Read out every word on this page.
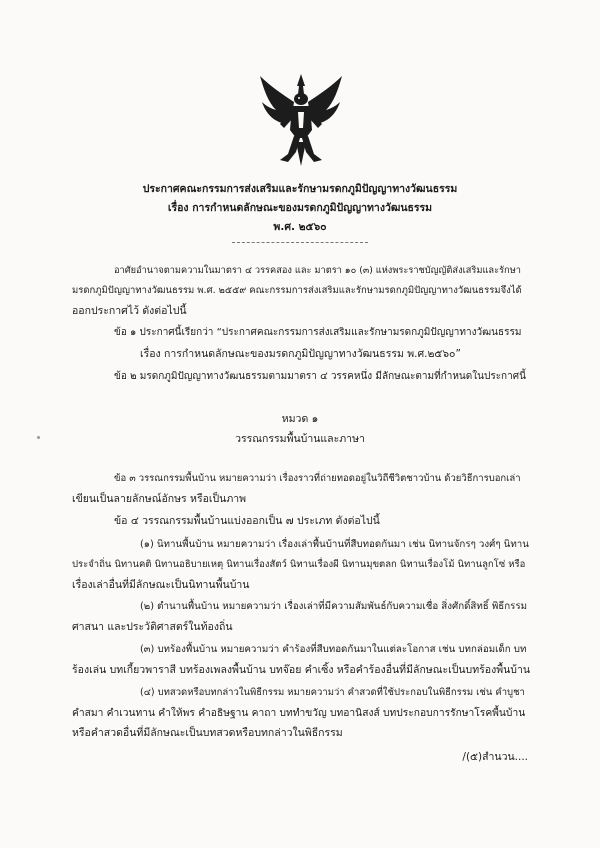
ประกาศคณะกรรมการส่งเสริมและรักษามรดกภูมิปัญญาทางวัฒนธรรม
เรื่อง การกำหนดลักษณะของมรดกภูมิปัญญาทางวัฒนธรรม
พ.ศ. ๒๕๖๐
อาศัยอำนาจตามความในมาตรา ๔ วรรคสอง และ มาตรา ๑๐ (๓) แห่งพระราชบัญญัติส่งเสริมและรักษา
มรดกภูมิปัญญาทางวัฒนธรรม พ.ศ. ๒๕๕๙ คณะกรรมการส่งเสริมและรักษามรดกภูมิปัญญาทางวัฒนธรรมจึงได้
ออกประกาศไว้ ดังต่อไปนี้
ข้อ ๑ ประกาศนี้เรียกว่า “ประกาศคณะกรรมการส่งเสริมและรักษามรดกภูมิปัญญาทางวัฒนธรรม
เรื่อง การกำหนดลักษณะของมรดกภูมิปัญญาทางวัฒนธรรม พ.ศ.๒๕๖๐”
ข้อ ๒ มรดกภูมิปัญญาทางวัฒนธรรมตามมาตรา ๔ วรรคหนึ่ง มีลักษณะตามที่กำหนดในประกาศนี้
หมวด ๑
วรรณกรรมพื้นบ้านและภาษา
ข้อ ๓ วรรณกรรมพื้นบ้าน หมายความว่า เรื่องราวที่ถ่ายทอดอยู่ในวิถีชีวิตชาวบ้าน ด้วยวิธีการบอกเล่า
เขียนเป็นลายลักษณ์อักษร หรือเป็นภาพ
ข้อ ๔ วรรณกรรมพื้นบ้านแบ่งออกเป็น ๗ ประเภท ดังต่อไปนี้
(๑) นิทานพื้นบ้าน หมายความว่า เรื่องเล่าพื้นบ้านที่สืบทอดกันมา เช่น นิทานจักรๆ วงศ์ๆ นิทาน
ประจำถิ่น นิทานคติ นิทานอธิบายเหตุ นิทานเรื่องสัตว์ นิทานเรื่องผี นิทานมุขตลก นิทานเรื่องโม้ นิทานลูกโซ่ หรือ
เรื่องเล่าอื่นที่มีลักษณะเป็นนิทานพื้นบ้าน
(๒) ตำนานพื้นบ้าน หมายความว่า เรื่องเล่าที่มีความสัมพันธ์กับความเชื่อ สิ่งศักดิ์สิทธิ์ พิธีกรรม
ศาสนา และประวัติศาสตร์ในท้องถิ่น
(๓) บทร้องพื้นบ้าน หมายความว่า คำร้องที่สืบทอดกันมาในแต่ละโอกาส เช่น บทกล่อมเด็ก บท
ร้องเล่น บทเกี้ยวพาราสี บทร้องเพลงพื้นบ้าน บทจ๊อย คำเซิ้ง หรือคำร้องอื่นที่มีลักษณะเป็นบทร้องพื้นบ้าน
(๔) บทสวดหรือบทกล่าวในพิธีกรรม หมายความว่า คำสวดที่ใช้ประกอบในพิธีกรรม เช่น คำบูชา
คำสมา คำเวนทาน คำให้พร คำอธิษฐาน คาถา บททำขวัญ บทอานิสงส์ บทประกอบการรักษาโรคพื้นบ้าน
หรือคำสวดอื่นที่มีลักษณะเป็นบทสวดหรือบทกล่าวในพิธีกรรม
/(๕)สำนวน....
